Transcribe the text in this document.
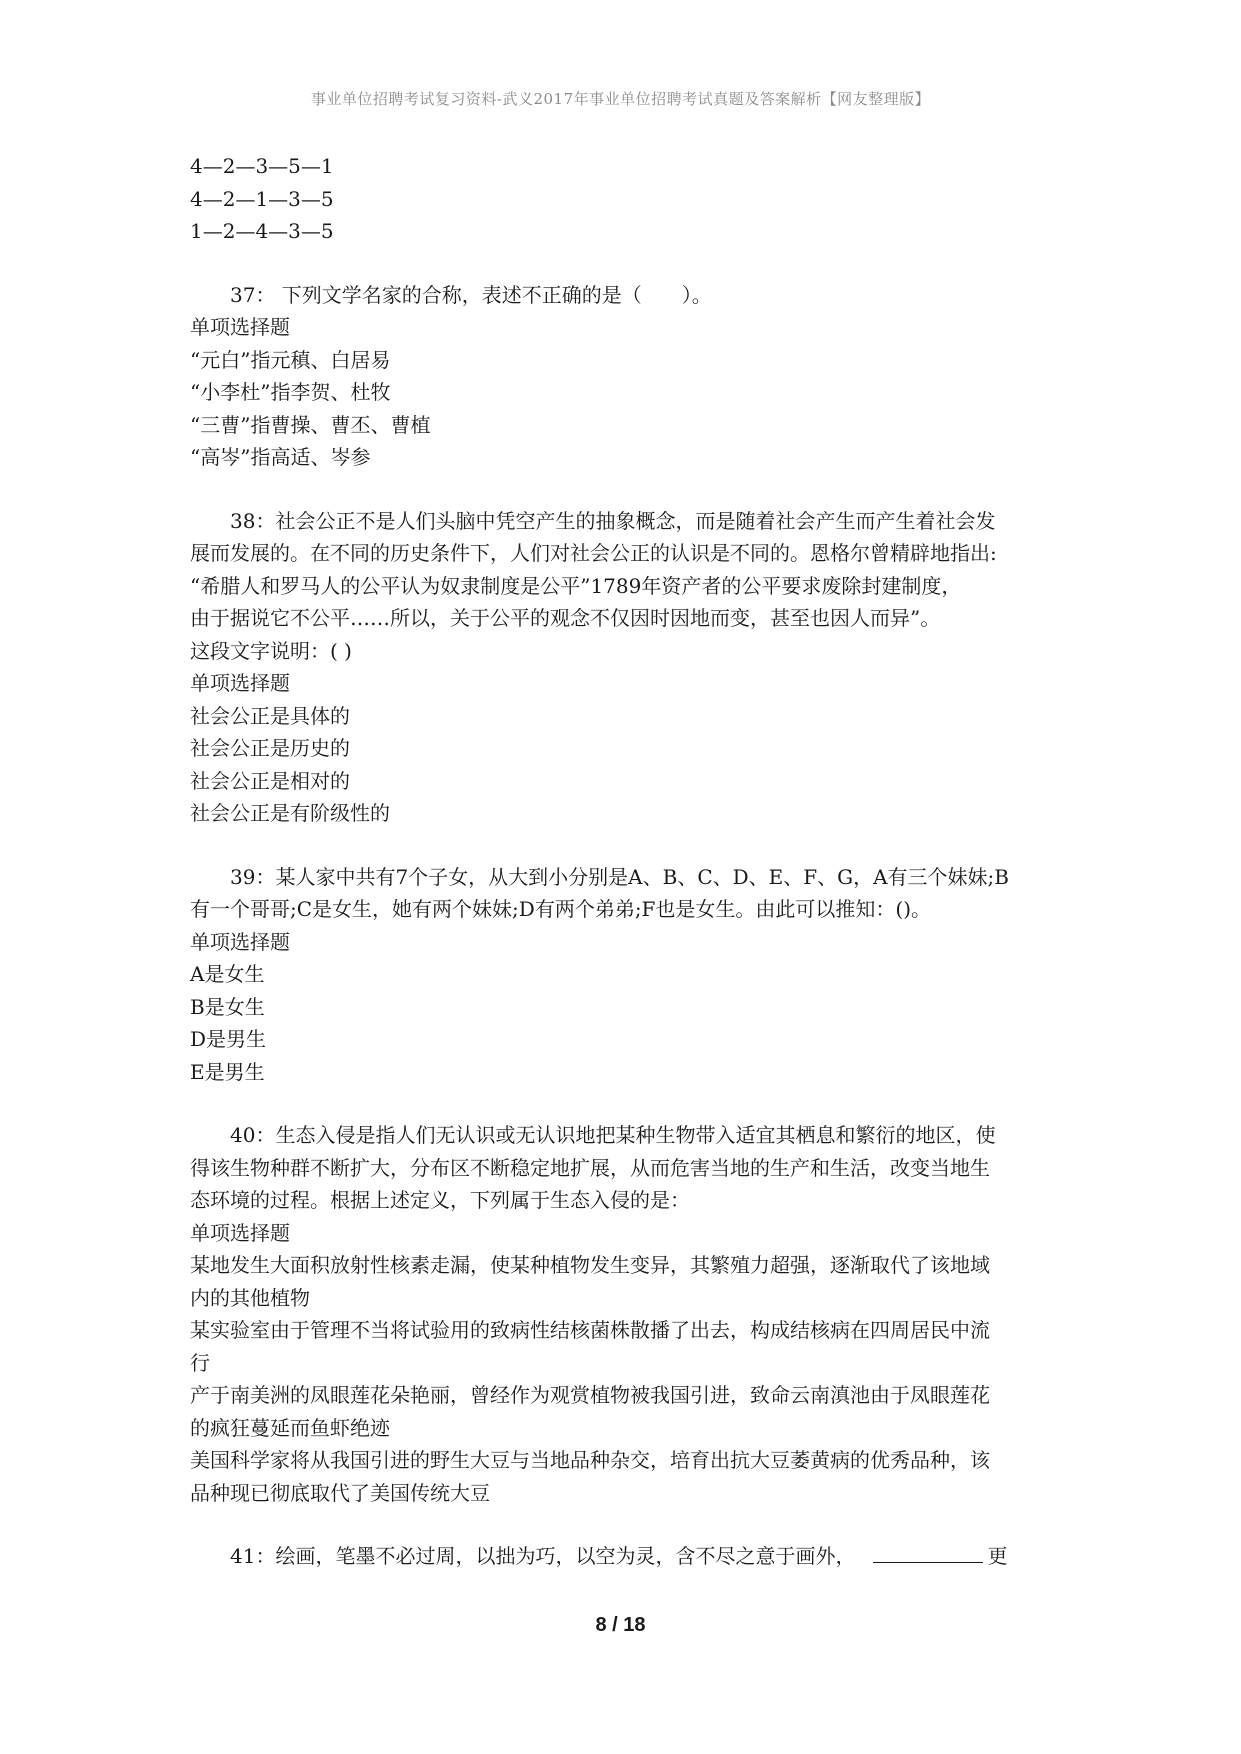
事业单位招聘考试复习资料-武义2017年事业单位招聘考试真题及答案解析【网友整理版】
4—2—3—5—1
4—2—1—3—5
1—2—4—3—5
37： 下列文学名家的合称，表述不正确的是（　　）。
单项选择题
“元白”指元稹、白居易
“小李杜”指李贺、杜牧
“三曹”指曹操、曹丕、曹植
“高岑”指高适、岑参
38：社会公正不是人们头脑中凭空产生的抽象概念，而是随着社会产生而产生着社会发
展而发展的。在不同的历史条件下，人们对社会公正的认识是不同的。恩格尔曾精辟地指出:
“希腊人和罗马人的公平认为奴隶制度是公平”1789年资产者的公平要求废除封建制度，
由于据说它不公平……所以，关于公平的观念不仅因时因地而变，甚至也因人而异”。
这段文字说明：( )
单项选择题
社会公正是具体的
社会公正是历史的
社会公正是相对的
社会公正是有阶级性的
39：某人家中共有7个子女，从大到小分别是A、B、C、D、E、F、G，A有三个妹妹;B
有一个哥哥;C是女生，她有两个妹妹;D有两个弟弟;F也是女生。由此可以推知：()。
单项选择题
A是女生
B是女生
D是男生
E是男生
40：生态入侵是指人们无认识或无认识地把某种生物带入适宜其栖息和繁衍的地区，使
得该生物种群不断扩大，分布区不断稳定地扩展，从而危害当地的生产和生活，改变当地生
态环境的过程。根据上述定义，下列属于生态入侵的是：
单项选择题
某地发生大面积放射性核素走漏，使某种植物发生变异，其繁殖力超强，逐渐取代了该地域
内的其他植物
某实验室由于管理不当将试验用的致病性结核菌株散播了出去，构成结核病在四周居民中流
行
产于南美洲的凤眼莲花朵艳丽，曾经作为观赏植物被我国引进，致命云南滇池由于凤眼莲花
的疯狂蔓延而鱼虾绝迹
美国科学家将从我国引进的野生大豆与当地品种杂交，培育出抗大豆萎黄病的优秀品种，该
品种现已彻底取代了美国传统大豆
41：绘画，笔墨不必过周，以拙为巧，以空为灵，含不尽之意于画外，	更
8 / 18
